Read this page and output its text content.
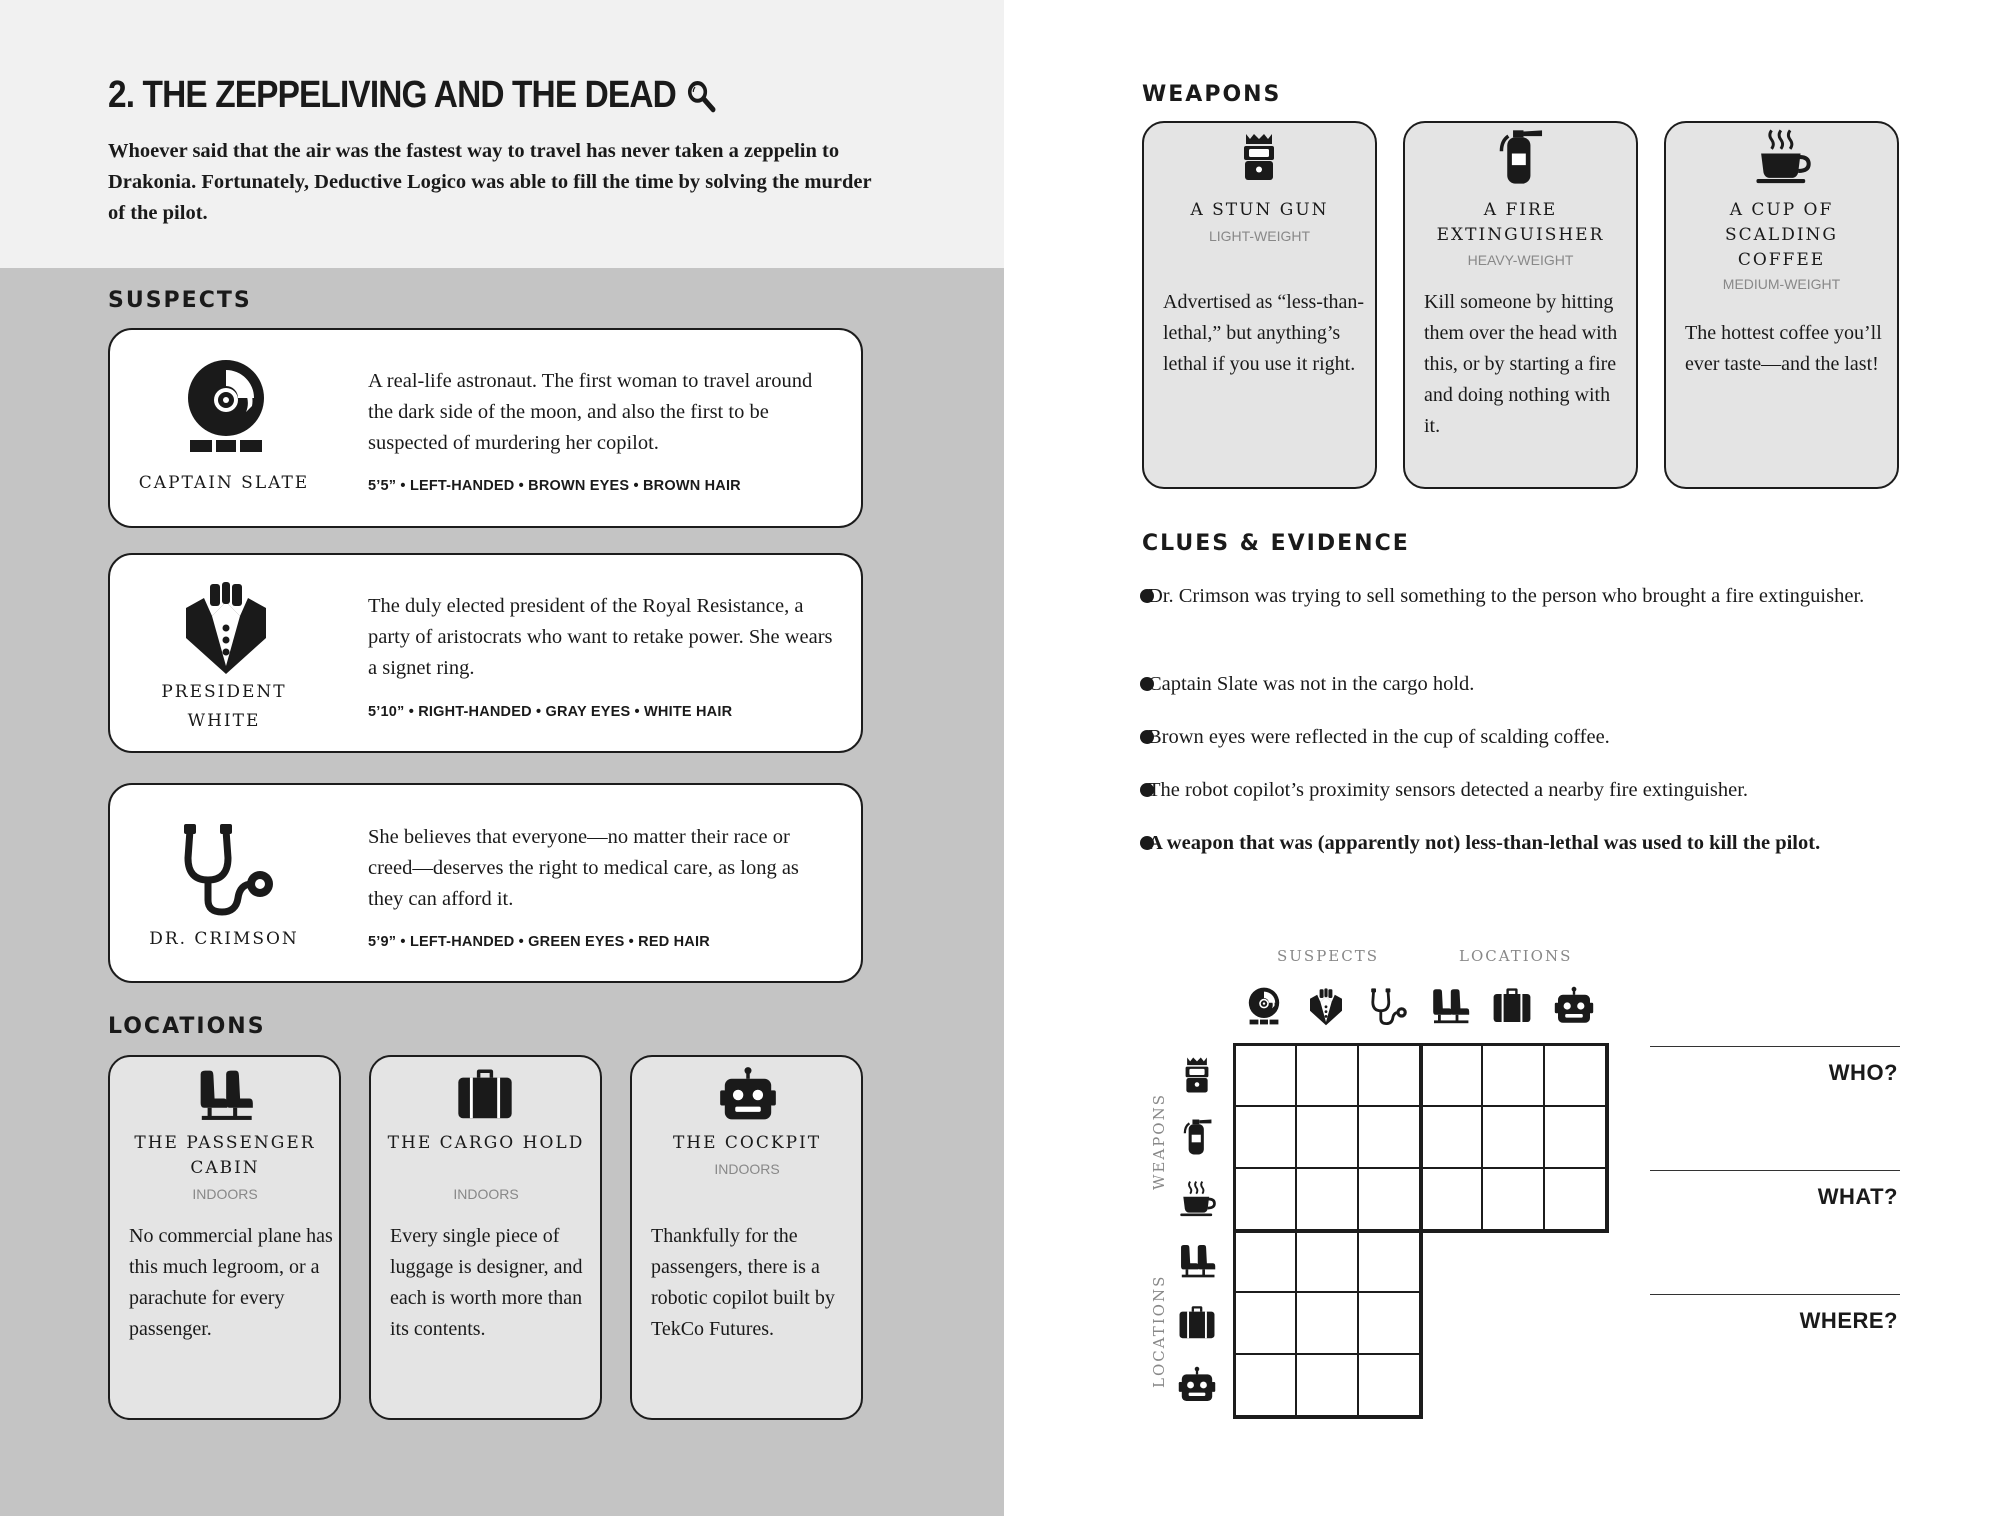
2. THE ZEPPELIVING AND THE DEAD
Whoever said that the air was the fastest way to travel has never taken a zeppelin to Drakonia. Fortunately, Deductive Logico was able to fill the time by solving the murder of the pilot.
SUSPECTS
CAPTAIN SLATE
A real-life astronaut. The first woman to travel around the dark side of the moon, and also the first to be suspected of murdering her copilot.
5’5” • LEFT-HANDED • BROWN EYES • BROWN HAIR
PRESIDENT WHITE
The duly elected president of the Royal Resistance, a party of aristocrats who want to retake power. She wears a signet ring.
5’10” • RIGHT-HANDED • GRAY EYES • WHITE HAIR
DR. CRIMSON
She believes that everyone—no matter their race or creed—deserves the right to medical care, as long as they can afford it.
5’9” • LEFT-HANDED • GREEN EYES • RED HAIR
LOCATIONS
THE PASSENGER CABIN
INDOORS
No commercial plane has this much legroom, or a parachute for every passenger.
THE CARGO HOLD
INDOORS
Every single piece of luggage is designer, and each is worth more than its contents.
THE COCKPIT
INDOORS
Thankfully for the passengers, there is a robotic copilot built by TekCo Futures.
WEAPONS
A STUN GUN
LIGHT-WEIGHT
Advertised as “less-than-lethal,” but anything’s lethal if you use it right.
A FIRE EXTINGUISHER
HEAVY-WEIGHT
Kill someone by hitting them over the head with this, or by starting a fire and doing nothing with it.
A CUP OF SCALDING COFFEE
MEDIUM-WEIGHT
The hottest coffee you’ll ever taste—and the last!
CLUES & EVIDENCE
Dr. Crimson was trying to sell something to the person who brought a fire extinguisher.
Captain Slate was not in the cargo hold.
Brown eyes were reflected in the cup of scalding coffee.
The robot copilot’s proximity sensors detected a nearby fire extinguisher.
A weapon that was (apparently not) less-than-lethal was used to kill the pilot.
SUSPECTS	LOCATIONS
WEAPONS
LOCATIONS
WHO?
WHAT?
WHERE?
